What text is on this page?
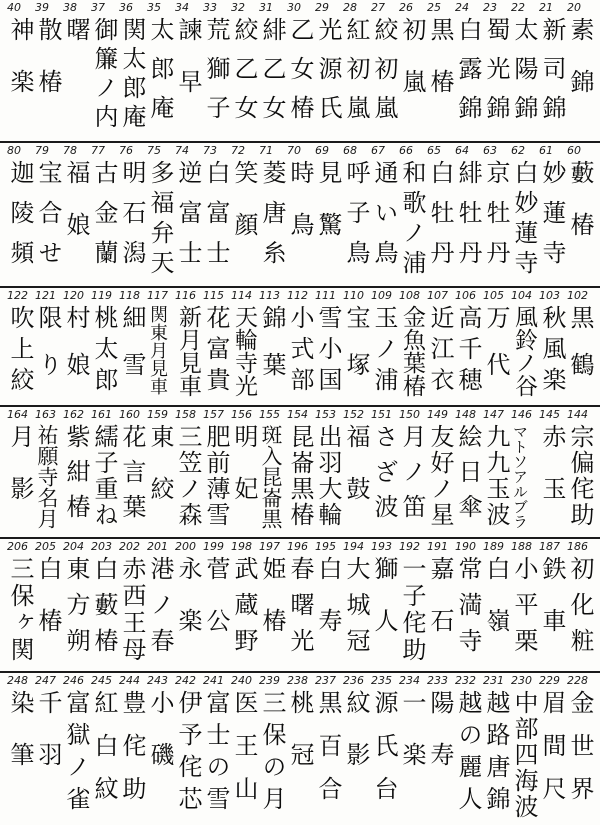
40
神楽
39
散椿
38
曙
37
御簾ノ内
36
関太郎庵
35
太郎庵
34
諫早
33
荒獅子
32
絞乙女
31
緋乙女
30
乙女椿
29
光源氏
28
紅初嵐
27
絞初嵐
26
初嵐
25
黒椿
24
白露錦
23
蜀光錦
22
太陽錦
21
新司錦
20
素錦
80
迦陵頻
79
宝合せ
78
福娘
77
古金蘭
76
明石潟
75
多福弁天
74
逆富士
73
白富士
72
笑顔
71
菱唐糸
70
時鳥
69
見驚
68
呼子鳥
67
通い鳥
66
和歌ノ浦
65
白牡丹
64
緋牡丹
63
京牡丹
62
白妙蓮寺
61
妙蓮寺
60
藪椿
122
吹上絞
121
限り
120
村娘
119
桃太郎
118
細雪
117
関東月見車
116
新月見車
115
花富貴
114
天輪寺光
113
錦葉
112
小式部
111
雪小国
110
宝塚
109
玉ノ浦
108
金魚葉椿
107
近江衣
106
高千穂
105
万代
104
風鈴ノ谷
103
秋風楽
102
黒鶴
164
月影
163
祐願寺名月
162
紫紺椿
161
繻子重ね
160
花言葉
159
東絞
158
三笠ノ森
157
肥前薄雪
156
明妃
155
斑入昆崙黒
154
昆崙黒椿
153
出羽大輪
152
福鼓
151
さざ波
150
月ノ笛
149
友好ノ星
148
絵日傘
147
九九玉波
146
マトソアルブラ
145
赤玉
144
宗偏侘助
206
三保ヶ関
205
白椿
204
東方朔
203
白藪椿
202
赤西王母
201
港ノ春
200
永楽
199
菅公
198
武蔵野
197
姫椿
196
春曙光
195
白寿
194
大城冠
193
獅人
192
一子侘助
191
嘉石
190
常満寺
189
白嶺
188
小平栗
187
鉄車
186
初化粧
248
染筆
247
千羽
246
富獄ノ雀
245
紅白紋
244
豊侘助
243
小磯
242
伊予侘芯
241
富士の雪
240
医王山
239
三保の月
238
桃冠
237
黒百合
236
紋影
235
源氏台
234
一楽
233
陽寿
232
越の麗人
231
越路唐錦
230
中部四海波
229
眉間尺
228
金世界
